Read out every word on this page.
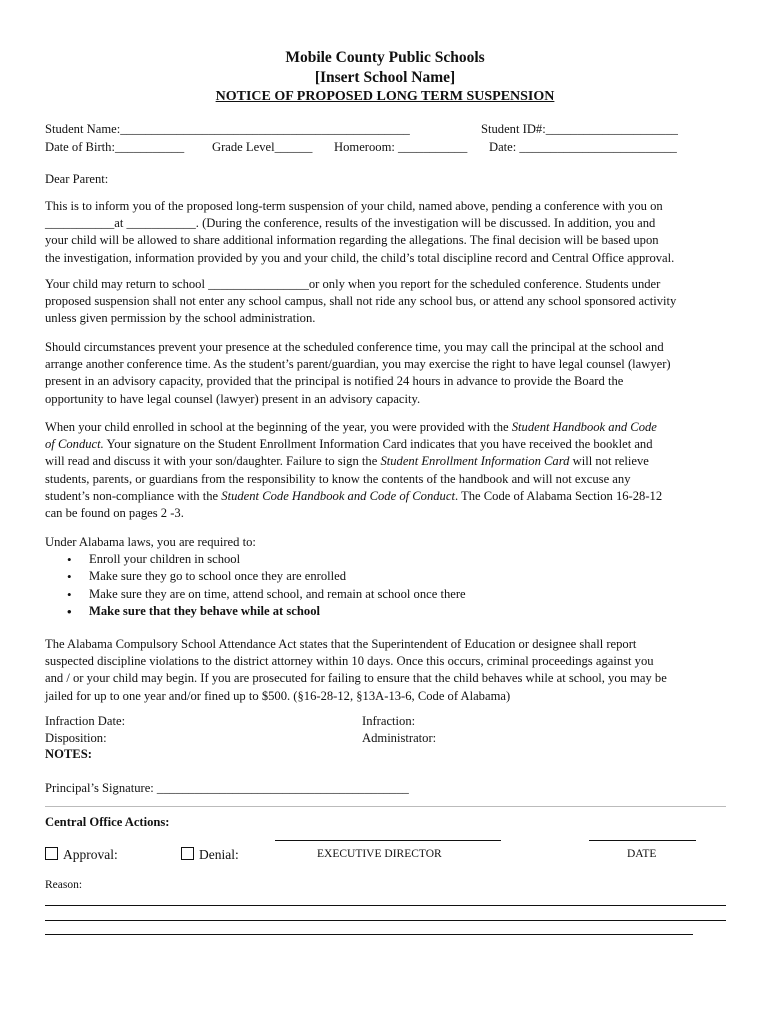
Mobile County Public Schools
[Insert School Name]
NOTICE OF PROPOSED LONG TERM SUSPENSION
Student Name:______________________________________________	Student ID#:_____________________
Date of Birth:___________ Grade Level______ Homeroom: ___________ Date: _________________________
Dear Parent:
This is to inform you of the proposed long-term suspension of your child, named above, pending a conference with you on
___________at ___________. (During the conference, results of the investigation will be discussed. In addition, you and
your child will be allowed to share additional information regarding the allegations. The final decision will be based upon
the investigation, information provided by you and your child, the child’s total discipline record and Central Office approval.
Your child may return to school ________________or only when you report for the scheduled conference. Students under
proposed suspension shall not enter any school campus, shall not ride any school bus, or attend any school sponsored activity
unless given permission by the school administration.
Should circumstances prevent your presence at the scheduled conference time, you may call the principal at the school and
arrange another conference time. As the student’s parent/guardian, you may exercise the right to have legal counsel (lawyer)
present in an advisory capacity, provided that the principal is notified 24 hours in advance to provide the Board the
opportunity to have legal counsel (lawyer) present in an advisory capacity.
When your child enrolled in school at the beginning of the year, you were provided with the Student Handbook and Code
of Conduct. Your signature on the Student Enrollment Information Card indicates that you have received the booklet and
will read and discuss it with your son/daughter. Failure to sign the Student Enrollment Information Card will not relieve
students, parents, or guardians from the responsibility to know the contents of the handbook and will not excuse any
student’s non-compliance with the Student Code Handbook and Code of Conduct. The Code of Alabama Section 16-28-12
can be found on pages 2 -3.
Under Alabama laws, you are required to:
• Enroll your children in school
• Make sure they go to school once they are enrolled
• Make sure they are on time, attend school, and remain at school once there
• Make sure that they behave while at school
The Alabama Compulsory School Attendance Act states that the Superintendent of Education or designee shall report
suspected discipline violations to the district attorney within 10 days. Once this occurs, criminal proceedings against you
and / or your child may begin. If you are prosecuted for failing to ensure that the child behaves while at school, you may be
jailed for up to one year and/or fined up to $500. (§16-28-12, §13A-13-6, Code of Alabama)
Infraction Date:	Infraction:
Disposition:	Administrator:
NOTES:
Principal’s Signature: ________________________________________
Central Office Actions:
Approval:	Denial:	EXECUTIVE DIRECTOR	DATE
Reason:
